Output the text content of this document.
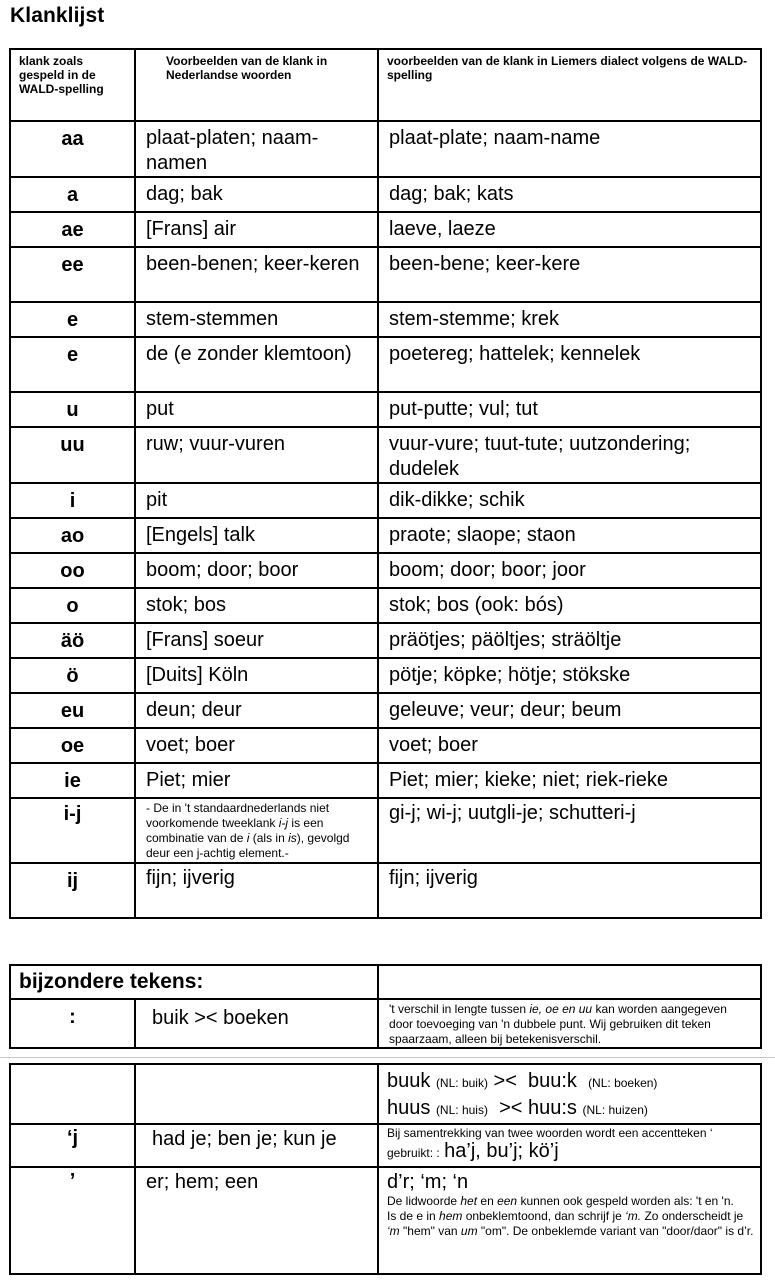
Klanklijst
klank zoals gespeld in de WALD-spelling	Voorbeelden van de klank in Nederlandse woorden	voorbeelden van de klank in Liemers dialect volgens de WALD-spelling
aa	plaat-platen; naam-namen	plaat-plate; naam-name
a	dag; bak	dag; bak; kats
ae	[Frans] air	laeve, laeze
ee	been-benen; keer-keren	been-bene; keer-kere
e	stem-stemmen	stem-stemme; krek
e	de (e zonder klemtoon)	poetereg; hattelek; kennelek
u	put	put-putte; vul; tut
uu	ruw; vuur-vuren	vuur-vure; tuut-tute; uutzondering; dudelek
i	pit	dik-dikke; schik
ao	[Engels] talk	praote; slaope; staon
oo	boom; door; boor	boom; door; boor; joor
o	stok; bos	stok; bos (ook: bós)
äö	[Frans] soeur	präötjes; päöltjes; sträöltje
ö	[Duits] Köln	pötje; köpke; hötje; stökske
eu	deun; deur	geleuve; veur; deur; beum
oe	voet; boer	voet; boer
ie	Piet; mier	Piet; mier; kieke; niet; riek-rieke
i-j	- De in 't standaardnederlands niet voorkomende tweeklank i-j is een combinatie van de i (als in is), gevolgd deur een j-achtig element.-	gi-j; wi-j; uutgli-je; schutteri-j
ij	fijn; ijverig	fijn; ijverig
bijzondere tekens:		
:	buik >< boeken	't verschil in lengte tussen ie, oe en uu kan worden aangegeven door toevoeging van 'n dubbele punt. Wij gebruiken dit teken spaarzaam, alleen bij betekenisverschil.

		buuk (NL: buik) >< buu:k (NL: boeken)
huus (NL: huis) >< huu:s (NL: huizen)

‘j	had je; ben je; kun je	Bij samentrekking van twee woorden wordt een accentteken ‘
gebruikt: : ha’j, bu’j; kö’j

’	er; hem; een	d’r; ‘m; ‘n
De lidwoorde het en een kunnen ook gespeld worden als: 't en 'n.
Is de e in hem onbeklemtoond, dan schrijf je ‘m. Zo onderscheidt je ‘m "hem" van um "om". De onbeklemde variant van "door/daor" is d’r.
